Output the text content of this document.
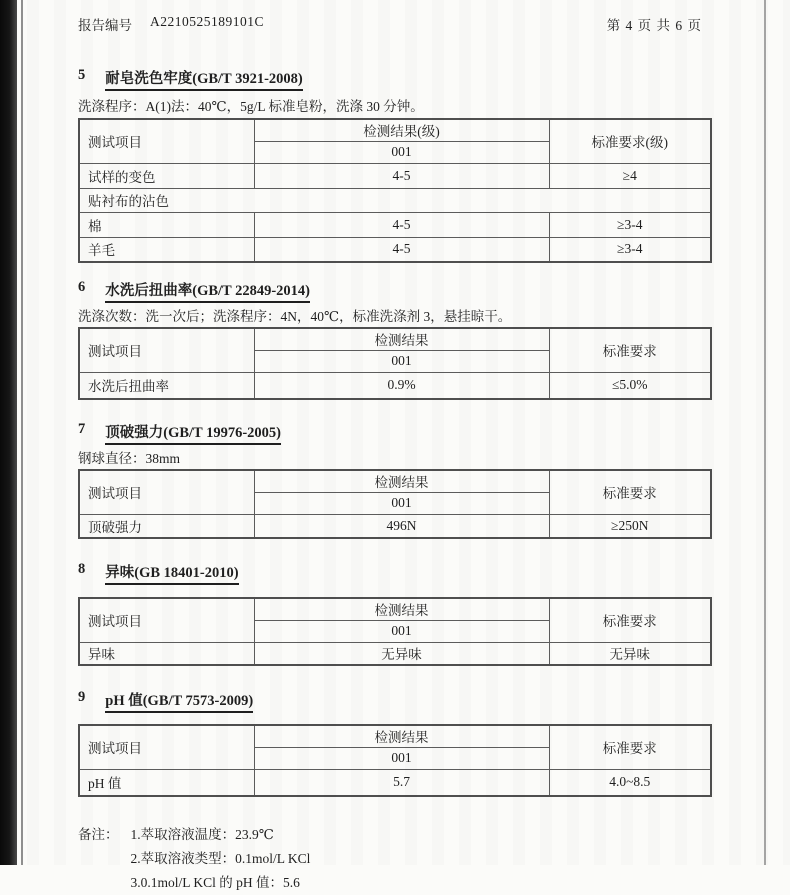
报告编号 A2210525189101C	第 4 页 共 6 页
5 耐皂洗色牢度(GB/T 3921-2008)
洗涤程序：A(1)法：40℃，5g/L 标准皂粉，洗涤 30 分钟。
测试项目	检测结果(级)	标准要求(级)
	001	
试样的变色	4-5	≥4
贴衬布的沾色		
棉	4-5	≥3-4
羊毛	4-5	≥3-4
6 水洗后扭曲率(GB/T 22849-2014)
洗涤次数：洗一次后；洗涤程序：4N，40℃，标准洗涤剂 3，悬挂晾干。
测试项目	检测结果	标准要求
	001	
水洗后扭曲率	0.9%	≤5.0%
7 顶破强力(GB/T 19976-2005)
钢球直径：38mm
测试项目	检测结果	标准要求
	001	
顶破强力	496N	≥250N
8 异味(GB 18401-2010)
测试项目	检测结果	标准要求
	001	
异味	无异味	无异味
9 pH 值(GB/T 7573-2009)
测试项目	检测结果	标准要求
	001	
pH 值	5.7	4.0~8.5
备注： 1.萃取溶液温度：23.9℃
2.萃取溶液类型：0.1mol/L KCl
3.0.1mol/L KCl 的 pH 值：5.6
